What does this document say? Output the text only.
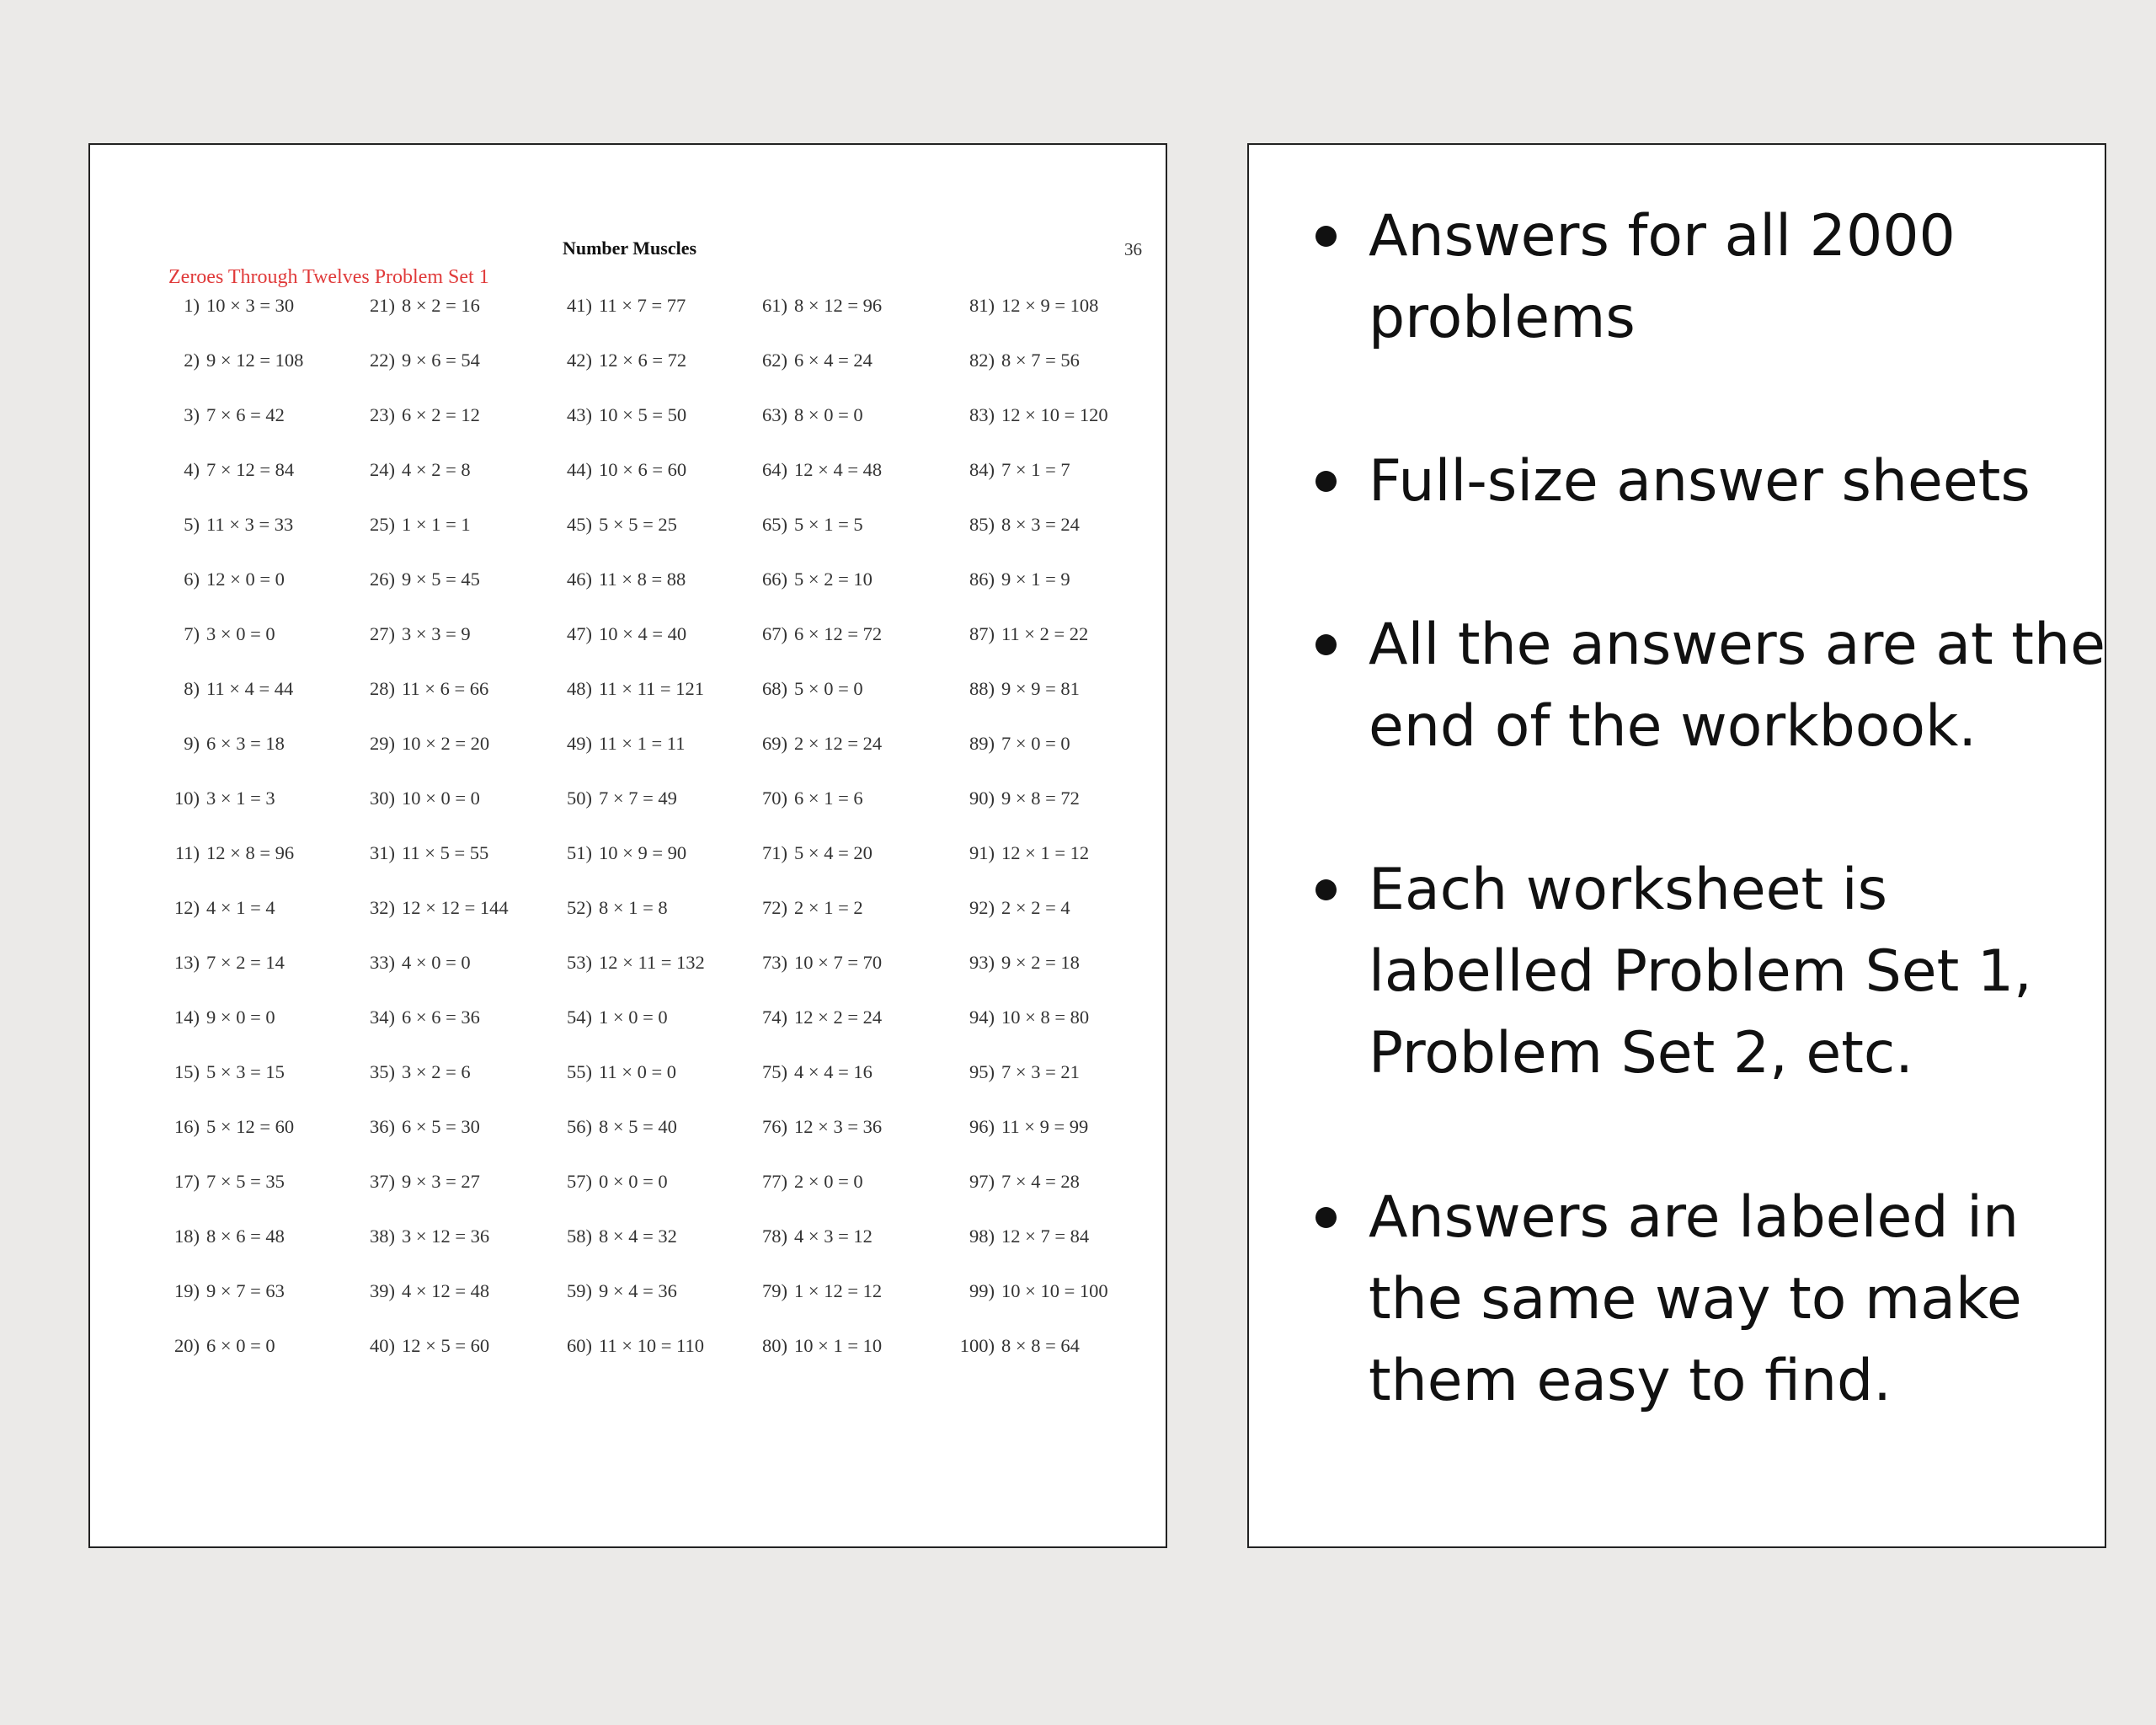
Number Muscles	36
Zeroes Through Twelves Problem Set 1
1) 10 × 3 = 30
2) 9 × 12 = 108
3) 7 × 6 = 42
4) 7 × 12 = 84
5) 11 × 3 = 33
6) 12 × 0 = 0
7) 3 × 0 = 0
8) 11 × 4 = 44
9) 6 × 3 = 18
10) 3 × 1 = 3
11) 12 × 8 = 96
12) 4 × 1 = 4
13) 7 × 2 = 14
14) 9 × 0 = 0
15) 5 × 3 = 15
16) 5 × 12 = 60
17) 7 × 5 = 35
18) 8 × 6 = 48
19) 9 × 7 = 63
20) 6 × 0 = 0
21) 8 × 2 = 16
22) 9 × 6 = 54
23) 6 × 2 = 12
24) 4 × 2 = 8
25) 1 × 1 = 1
26) 9 × 5 = 45
27) 3 × 3 = 9
28) 11 × 6 = 66
29) 10 × 2 = 20
30) 10 × 0 = 0
31) 11 × 5 = 55
32) 12 × 12 = 144
33) 4 × 0 = 0
34) 6 × 6 = 36
35) 3 × 2 = 6
36) 6 × 5 = 30
37) 9 × 3 = 27
38) 3 × 12 = 36
39) 4 × 12 = 48
40) 12 × 5 = 60
41) 11 × 7 = 77
42) 12 × 6 = 72
43) 10 × 5 = 50
44) 10 × 6 = 60
45) 5 × 5 = 25
46) 11 × 8 = 88
47) 10 × 4 = 40
48) 11 × 11 = 121
49) 11 × 1 = 11
50) 7 × 7 = 49
51) 10 × 9 = 90
52) 8 × 1 = 8
53) 12 × 11 = 132
54) 1 × 0 = 0
55) 11 × 0 = 0
56) 8 × 5 = 40
57) 0 × 0 = 0
58) 8 × 4 = 32
59) 9 × 4 = 36
60) 11 × 10 = 110
61) 8 × 12 = 96
62) 6 × 4 = 24
63) 8 × 0 = 0
64) 12 × 4 = 48
65) 5 × 1 = 5
66) 5 × 2 = 10
67) 6 × 12 = 72
68) 5 × 0 = 0
69) 2 × 12 = 24
70) 6 × 1 = 6
71) 5 × 4 = 20
72) 2 × 1 = 2
73) 10 × 7 = 70
74) 12 × 2 = 24
75) 4 × 4 = 16
76) 12 × 3 = 36
77) 2 × 0 = 0
78) 4 × 3 = 12
79) 1 × 12 = 12
80) 10 × 1 = 10
81) 12 × 9 = 108
82) 8 × 7 = 56
83) 12 × 10 = 120
84) 7 × 1 = 7
85) 8 × 3 = 24
86) 9 × 1 = 9
87) 11 × 2 = 22
88) 9 × 9 = 81
89) 7 × 0 = 0
90) 9 × 8 = 72
91) 12 × 1 = 12
92) 2 × 2 = 4
93) 9 × 2 = 18
94) 10 × 8 = 80
95) 7 × 3 = 21
96) 11 × 9 = 99
97) 7 × 4 = 28
98) 12 × 7 = 84
99) 10 × 10 = 100
100) 8 × 8 = 64
Answers for all 2000
problems
Full-size answer sheets
All the answers are at the
end of the workbook.
Each worksheet is
labelled Problem Set 1,
Problem Set 2, etc.
Answers are labeled in
the same way to make
them easy to find.
